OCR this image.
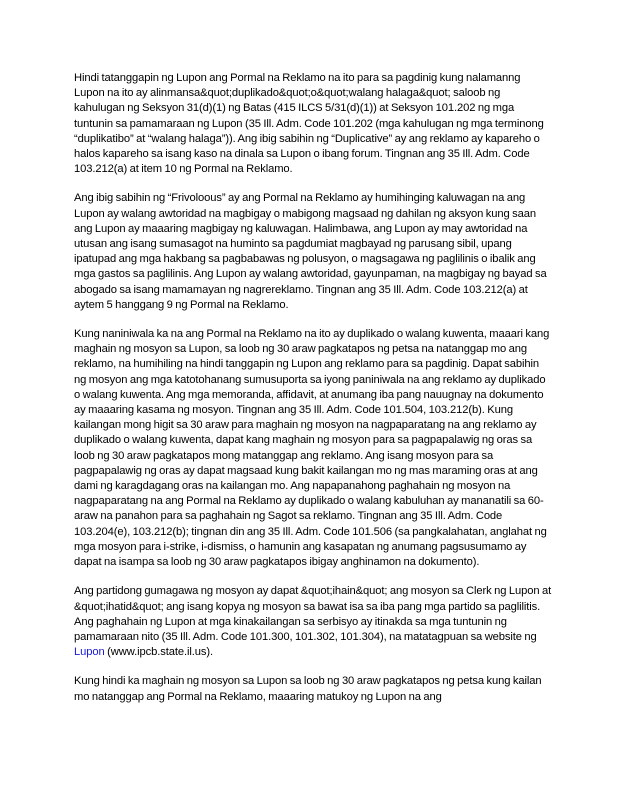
Hindi tatanggapin ng Lupon ang Pormal na Reklamo na ito para sa pagdinig kung nalamanng Lupon na ito ay alinmansa&quot;duplikado&quot;o&quot;walang halaga&quot; saloob ng kahulugan ng Seksyon 31(d)(1) ng Batas (415 ILCS 5/31(d)(1)) at Seksyon 101.202 ng mga tuntunin sa pamamaraan ng Lupon (35 Ill. Adm. Code 101.202 (mga kahulugan ng mga terminong “duplikatibo” at “walang halaga”)). Ang ibig sabihin ng “Duplicative” ay ang reklamo ay kapareho o halos kapareho sa isang kaso na dinala sa Lupon o ibang forum. Tingnan ang 35 Ill. Adm. Code 103.212(a) at item 10 ng Pormal na Reklamo.

Ang ibig sabihin ng “Frivoloous” ay ang Pormal na Reklamo ay humihinging kaluwagan na ang Lupon ay walang awtoridad na magbigay o mabigong magsaad ng dahilan ng aksyon kung saan ang Lupon ay maaaring magbigay ng kaluwagan. Halimbawa, ang Lupon ay may awtoridad na utusan ang isang sumasagot na huminto sa pagdumiat magbayad ng parusang sibil, upang ipatupad ang mga hakbang sa pagbabawas ng polusyon, o magsagawa ng paglilinis o ibalik ang mga gastos sa paglilinis. Ang Lupon ay walang awtoridad, gayunpaman, na magbigay ng bayad sa abogado sa isang mamamayan ng nagrereklamo. Tingnan ang 35 Ill. Adm. Code 103.212(a) at aytem 5 hanggang 9 ng Pormal na Reklamo.

Kung naniniwala ka na ang Pormal na Reklamo na ito ay duplikado o walang kuwenta, maaari kang maghain ng mosyon sa Lupon, sa loob ng 30 araw pagkatapos ng petsa na natanggap mo ang reklamo, na humihiling na hindi tanggapin ng Lupon ang reklamo para sa pagdinig. Dapat sabihin ng mosyon ang mga katotohanang sumusuporta sa iyong paniniwala na ang reklamo ay duplikado o walang kuwenta. Ang mga memoranda, affidavit, at anumang iba pang nauugnay na dokumento ay maaaring kasama ng mosyon. Tingnan ang 35 Ill. Adm. Code 101.504, 103.212(b). Kung kailangan mong higit sa 30 araw para maghain ng mosyon na nagpaparatang na ang reklamo ay duplikado o walang kuwenta, dapat kang maghain ng mosyon para sa pagpapalawig ng oras sa loob ng 30 araw pagkatapos mong matanggap ang reklamo. Ang isang mosyon para sa pagpapalawig ng oras ay dapat magsaad kung bakit kailangan mo ng mas maraming oras at ang dami ng karagdagang oras na kailangan mo. Ang napapanahong paghahain ng mosyon na nagpaparatang na ang Pormal na Reklamo ay duplikado o walang kabuluhan ay mananatili sa 60-araw na panahon para sa paghahain ng Sagot sa reklamo. Tingnan ang 35 Ill. Adm. Code 103.204(e), 103.212(b); tingnan din ang 35 Ill. Adm. Code 101.506 (sa pangkalahatan, anglahat ng mga mosyon para i-strike, i-dismiss, o hamunin ang kasapatan ng anumang pagsusumamo ay dapat na isampa sa loob ng 30 araw pagkatapos ibigay anghinamon na dokumento).

Ang partidong gumagawa ng mosyon ay dapat &quot;ihain&quot; ang mosyon sa Clerk ng Lupon at &quot;ihatid&quot; ang isang kopya ng mosyon sa bawat isa sa iba pang mga partido sa paglilitis. Ang paghahain ng Lupon at mga kinakailangan sa serbisyo ay itinakda sa mga tuntunin ng pamamaraan nito (35 Ill. Adm. Code 101.300, 101.302, 101.304), na matatagpuan sa website ng Lupon (www.ipcb.state.il.us).

Kung hindi ka maghain ng mosyon sa Lupon sa loob ng 30 araw pagkatapos ng petsa kung kailan mo natanggap ang Pormal na Reklamo, maaaring matukoy ng Lupon na ang
